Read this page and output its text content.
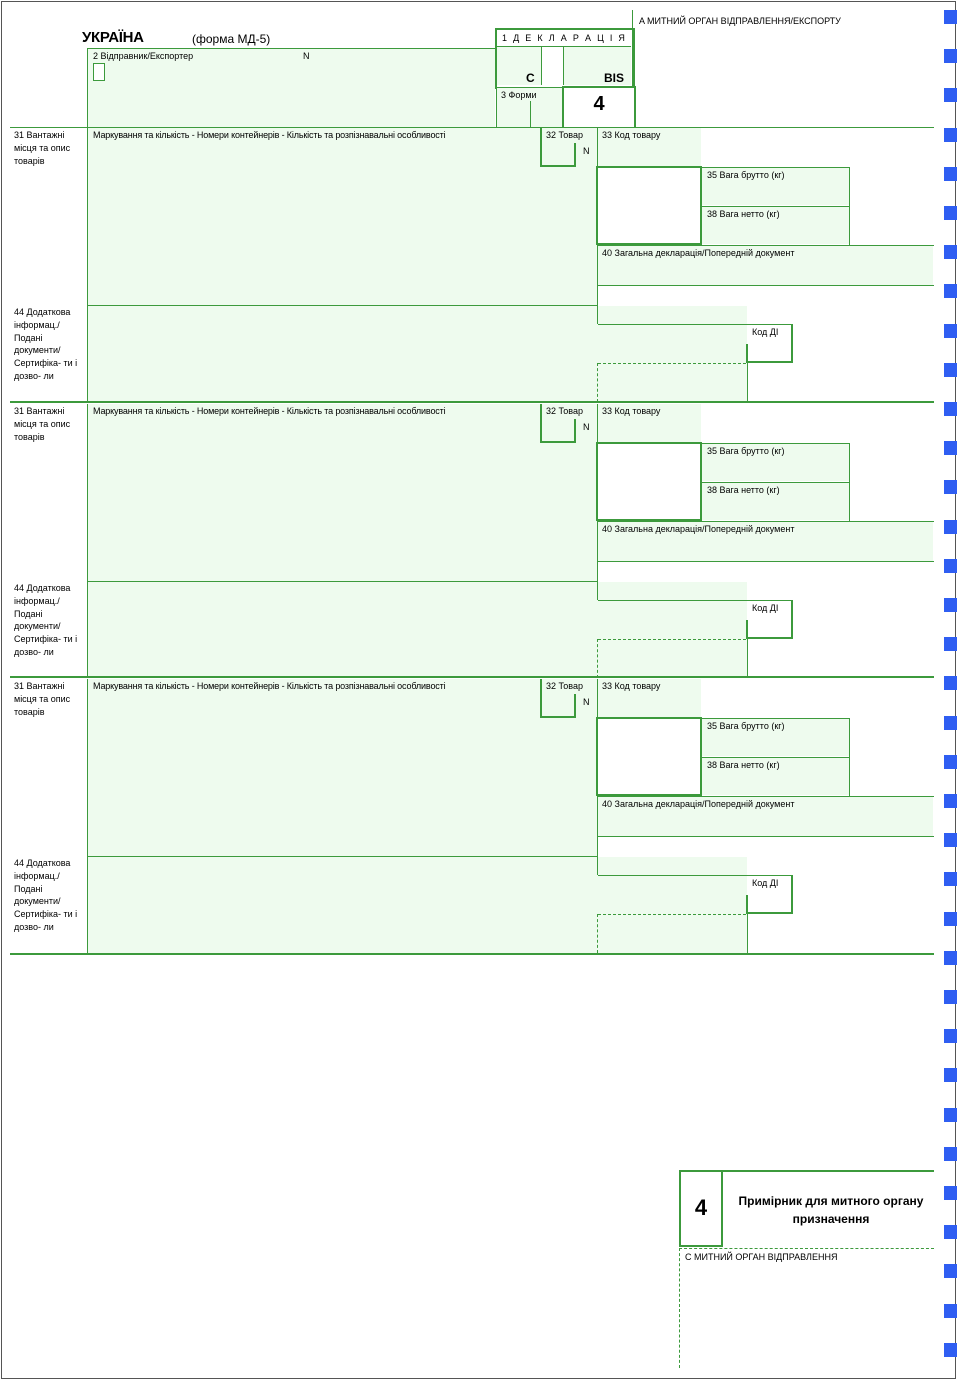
УКРАЇНА	(форма МД-5)
A МИТНИЙ ОРГАН ВІДПРАВЛЕННЯ/ЕКСПОРТУ
2 Відправник/Експортер	N
1 Д Е К Л А Р А Ц І Я
C	BIS
3 Форми	4
31 Вантажні місця та опис товарів
Маркування та кількість - Номери контейнерів - Кількість та розпізнавальні особливості	32 Товар
N
33 Код товару
35 Вага брутто (кг)
38 Вага нетто (кг)
40 Загальна декларація/Попередній документ
44 Додаткова інформац./ Подані документи/ Сертифіка- ти і дозво- ли
Код ДІ
31 Вантажні місця та опис товарів
Маркування та кількість - Номери контейнерів - Кількість та розпізнавальні особливості	32 Товар
N
33 Код товару
35 Вага брутто (кг)
38 Вага нетто (кг)
40 Загальна декларація/Попередній документ
44 Додаткова інформац./ Подані документи/ Сертифіка- ти і дозво- ли
Код ДІ
31 Вантажні місця та опис товарів
Маркування та кількість - Номери контейнерів - Кількість та розпізнавальні особливості	32 Товар
N
33 Код товару
35 Вага брутто (кг)
38 Вага нетто (кг)
40 Загальна декларація/Попередній документ
44 Додаткова інформац./ Подані документи/ Сертифіка- ти і дозво- ли
Код ДІ
4	Примірник для митного органу призначення
C МИТНИЙ ОРГАН ВІДПРАВЛЕННЯ
